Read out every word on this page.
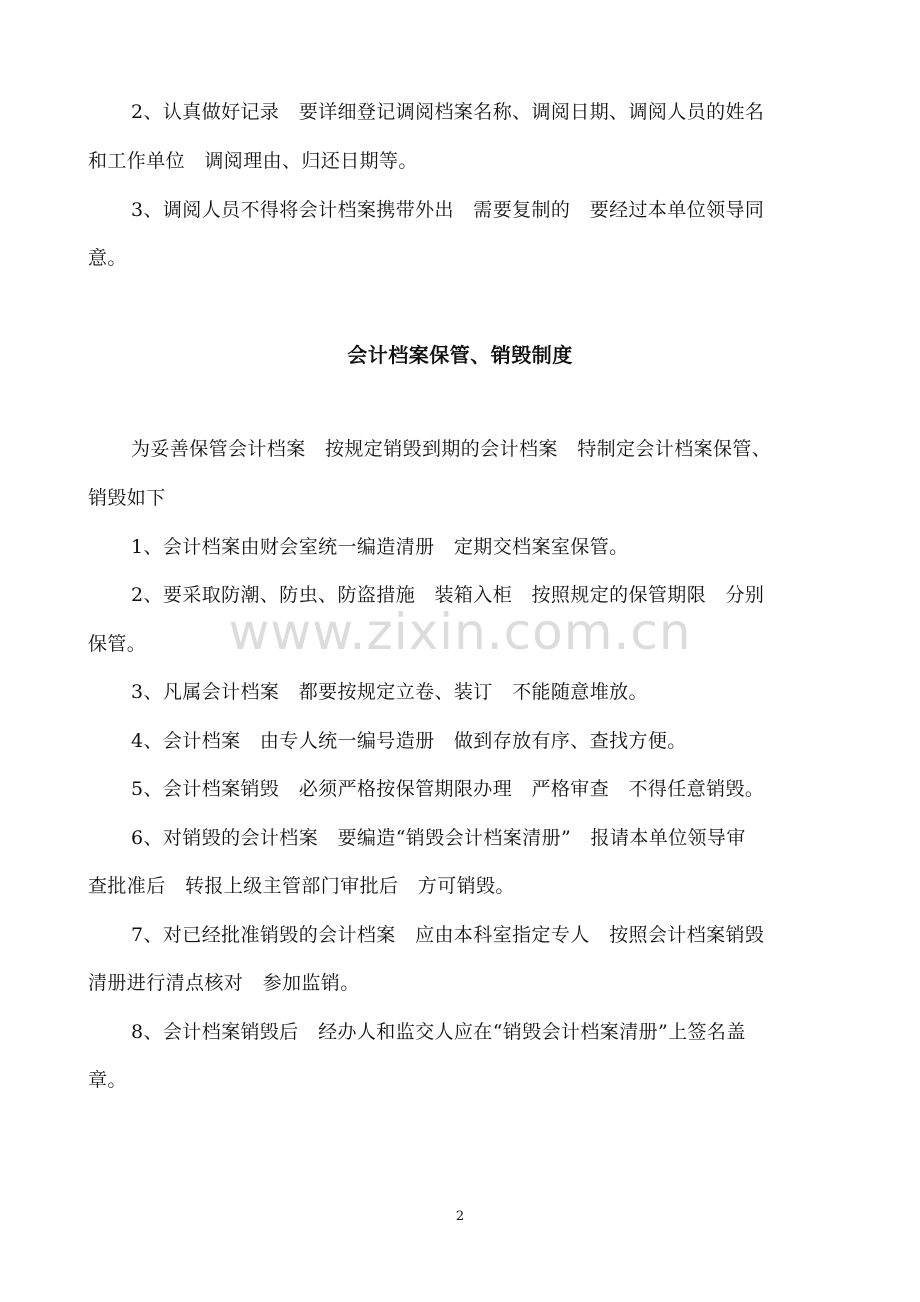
2、认真做好记录　要详细登记调阅档案名称、调阅日期、调阅人员的姓名
和工作单位　调阅理由、归还日期等。
3、调阅人员不得将会计档案携带外出　需要复制的　要经过本单位领导同
意。
会计档案保管、销毁制度
为妥善保管会计档案　按规定销毁到期的会计档案　特制定会计档案保管、
销毁如下
1、会计档案由财会室统一编造清册　定期交档案室保管。
2、要采取防潮、防虫、防盗措施　装箱入柜　按照规定的保管期限　分别
保管。
3、凡属会计档案　都要按规定立卷、装订　不能随意堆放。
4、会计档案　由专人统一编号造册　做到存放有序、查找方便。
5、会计档案销毁　必须严格按保管期限办理　严格审查　不得任意销毁。
6、对销毁的会计档案　要编造“销毁会计档案清册”　报请本单位领导审
查批准后　转报上级主管部门审批后　方可销毁。
7、对已经批准销毁的会计档案　应由本科室指定专人　按照会计档案销毁
清册进行清点核对　参加监销。
8、会计档案销毁后　经办人和监交人应在“销毁会计档案清册”上签名盖
章。
www.zixin.com.cn
2
